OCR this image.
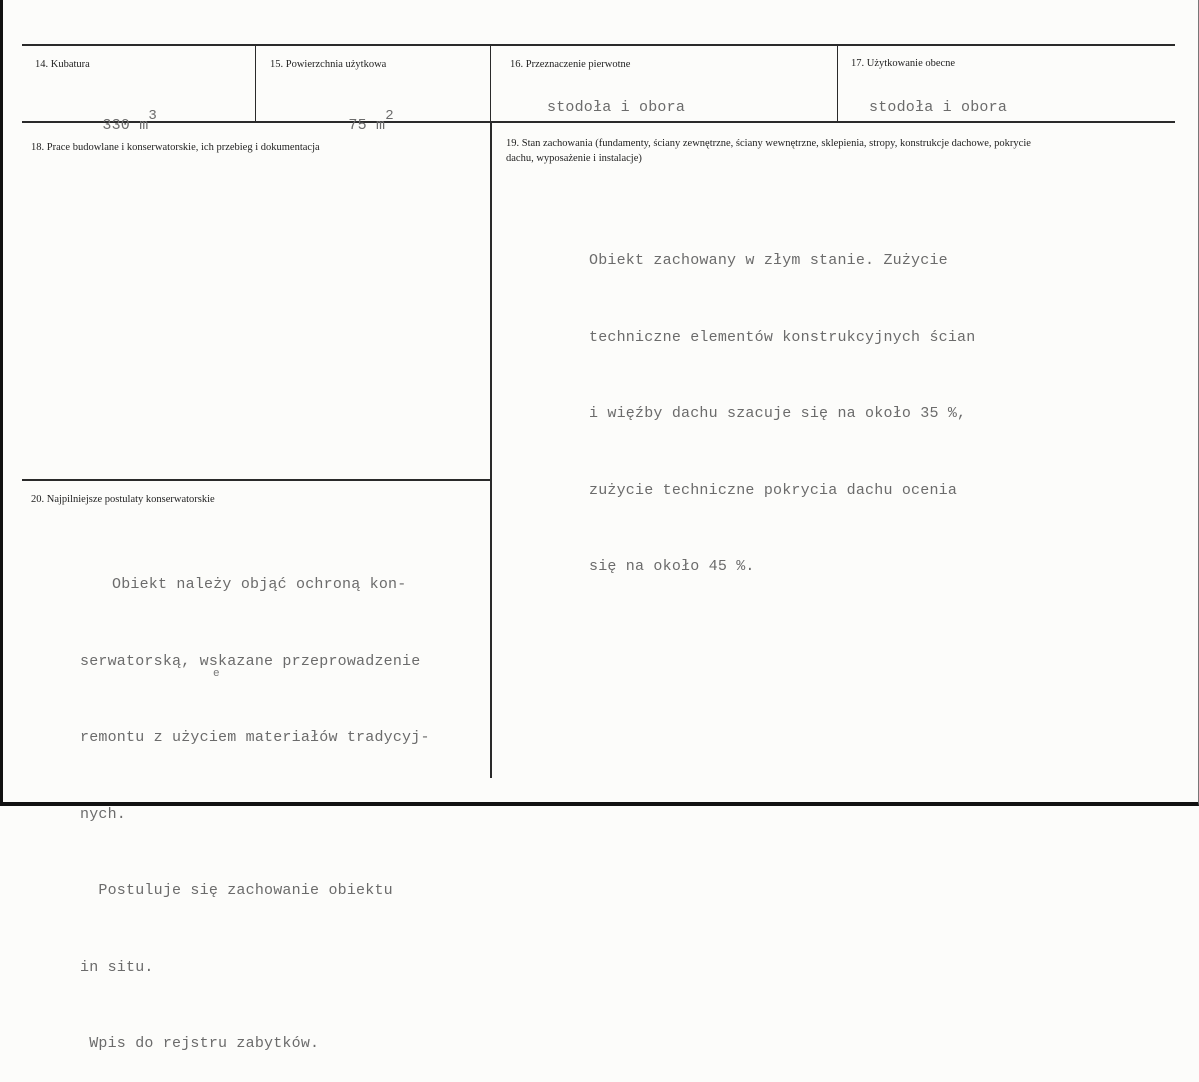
14. Kubatura

330 m3

15. Powierzchnia użytkowa

75 m2

16. Przeznaczenie pierwotne
stodoła i obora
17. Użytkowanie obecne
stodoła i obora
18. Prace budowlane i konserwatorskie, ich przebieg i dokumentacja	19. Stan zachowania (fundamenty, ściany zewnętrzne, ściany wewnętrzne, sklepienia, stropy, konstrukcje dachowe, pokrycie dachu, wyposażenie i instalacje)

Obiekt zachowany w złym stanie. Zużycie

techniczne elementów konstrukcyjnych ścian

i więźby dachu szacuje się na około 35 %,

zużycie techniczne pokrycia dachu ocenia

się na około 45 %.

20. Najpilniejsze postulaty konserwatorskie

Obiekt należy objąć ochroną kon-

serwatorską, wskazane przeprowadzenie

remontu z użyciem materiałów tradycyj-

nych.

Postuluje się zachowanie obiektu

in situ.

Wpis do rejstru zabytków.

e
